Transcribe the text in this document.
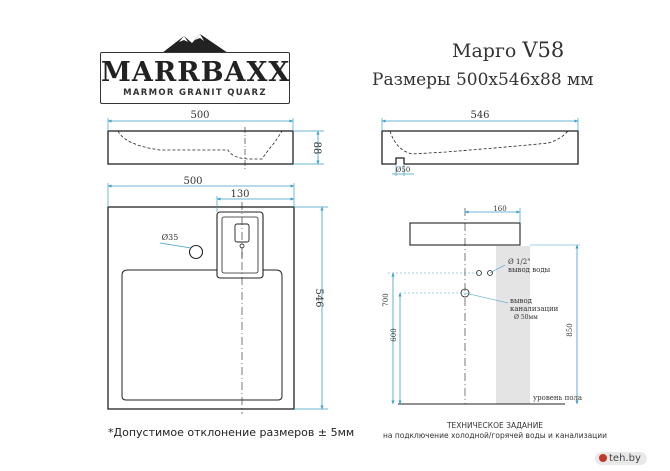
MARRBAXX
MARMOR GRANIT QUARZ
Марго V58
Размеры 500x546x88 мм
500
88
546
Ø50
Ø35
500
130
546
160
700
600	850
Ø 1/2"
вывод воды
вывод
канализации
Ø 50мм
уровень пола
*Допустимое отклонение размеров ± 5мм
ТЕХНИЧЕСКОЕ ЗАДАНИЕ
на подключение холодной/горячей воды и канализации
teh.by
